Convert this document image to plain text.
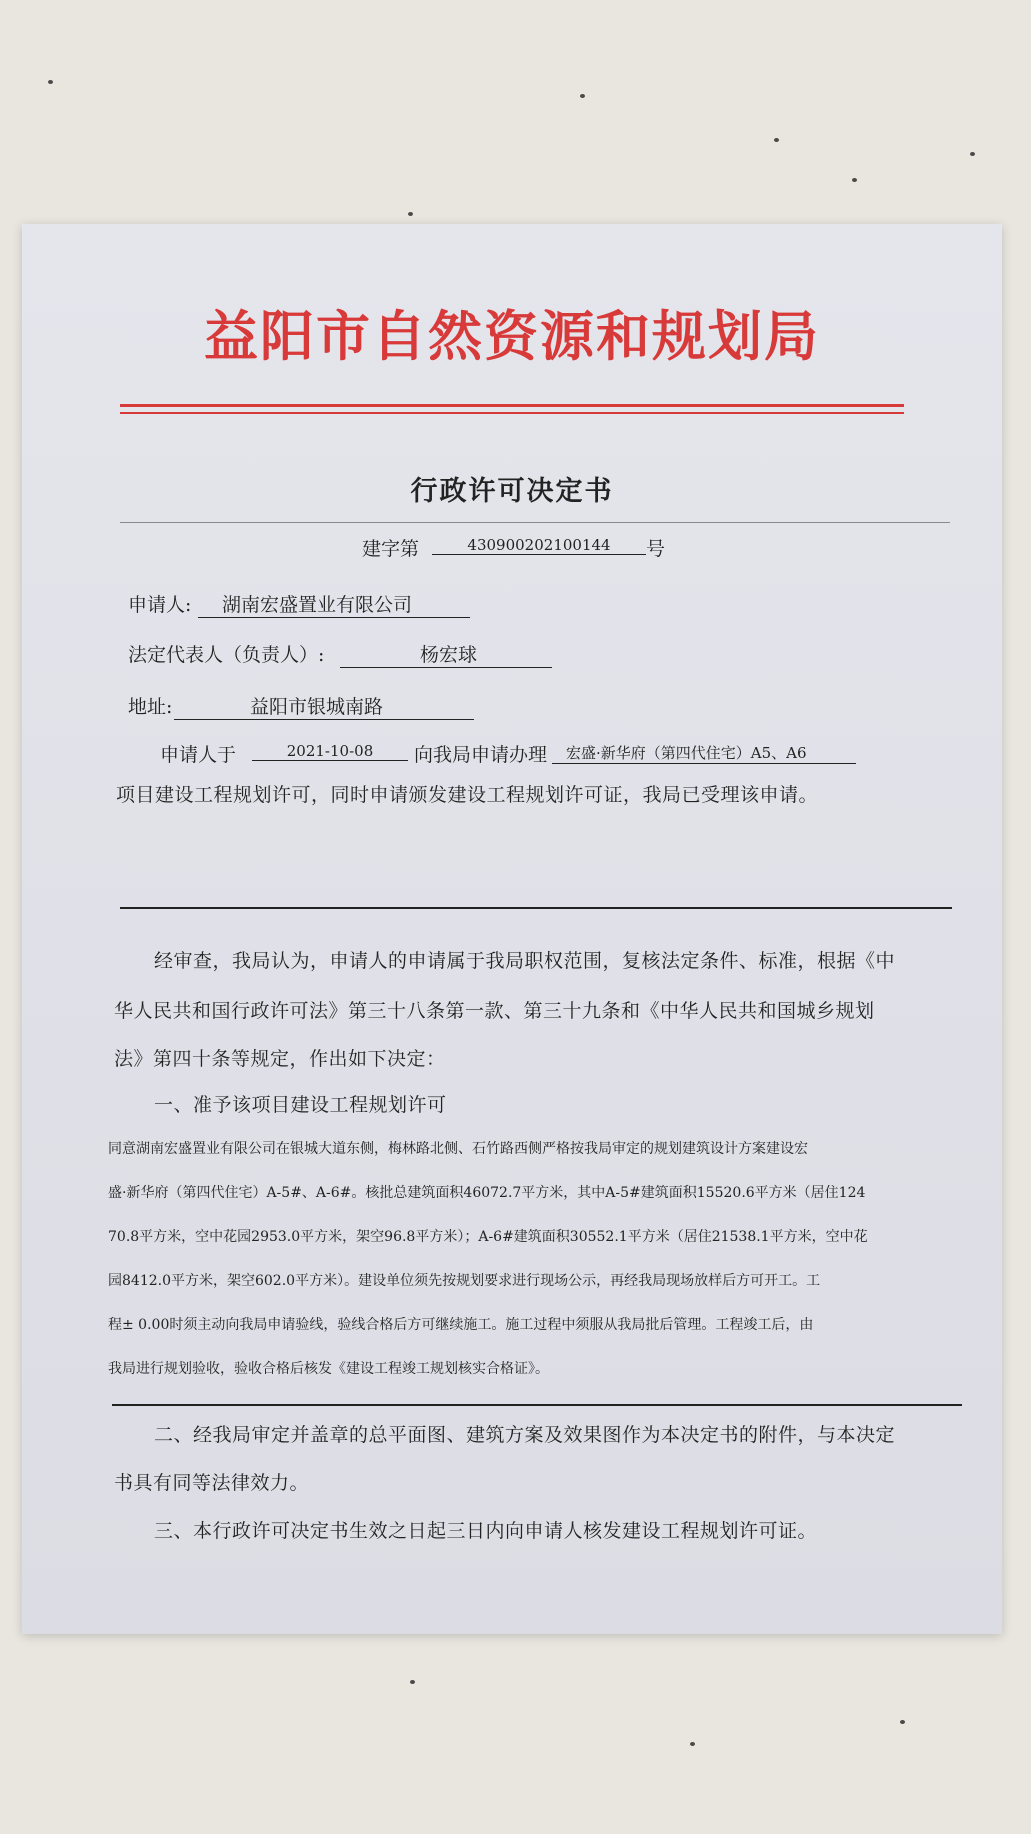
益阳市自然资源和规划局
行政许可决定书
建字第	430900202100144	号
申请人:	湖南宏盛置业有限公司
法定代表人（负责人）:	杨宏球
地址:	益阳市银城南路
申请人于	2021-10-08	向我局申请办理	宏盛·新华府（第四代住宅）A5、A6
项目建设工程规划许可，同时申请颁发建设工程规划许可证，我局已受理该申请。
经审查，我局认为，申请人的申请属于我局职权范围，复核法定条件、标准，根据《中
华人民共和国行政许可法》第三十八条第一款、第三十九条和《中华人民共和国城乡规划
法》第四十条等规定，作出如下决定：
一、准予该项目建设工程规划许可
同意湖南宏盛置业有限公司在银城大道东侧，梅林路北侧、石竹路西侧严格按我局审定的规划建筑设计方案建设宏
盛·新华府（第四代住宅）A-5#、A-6#。核批总建筑面积46072.7平方米，其中A-5#建筑面积15520.6平方米（居住124
70.8平方米，空中花园2953.0平方米，架空96.8平方米）；A-6#建筑面积30552.1平方米（居住21538.1平方米，空中花
园8412.0平方米，架空602.0平方米）。建设单位须先按规划要求进行现场公示，再经我局现场放样后方可开工。工
程± 0.00时须主动向我局申请验线，验线合格后方可继续施工。施工过程中须服从我局批后管理。工程竣工后，由
我局进行规划验收，验收合格后核发《建设工程竣工规划核实合格证》。
二、经我局审定并盖章的总平面图、建筑方案及效果图作为本决定书的附件，与本决定
书具有同等法律效力。
三、本行政许可决定书生效之日起三日内向申请人核发建设工程规划许可证。
